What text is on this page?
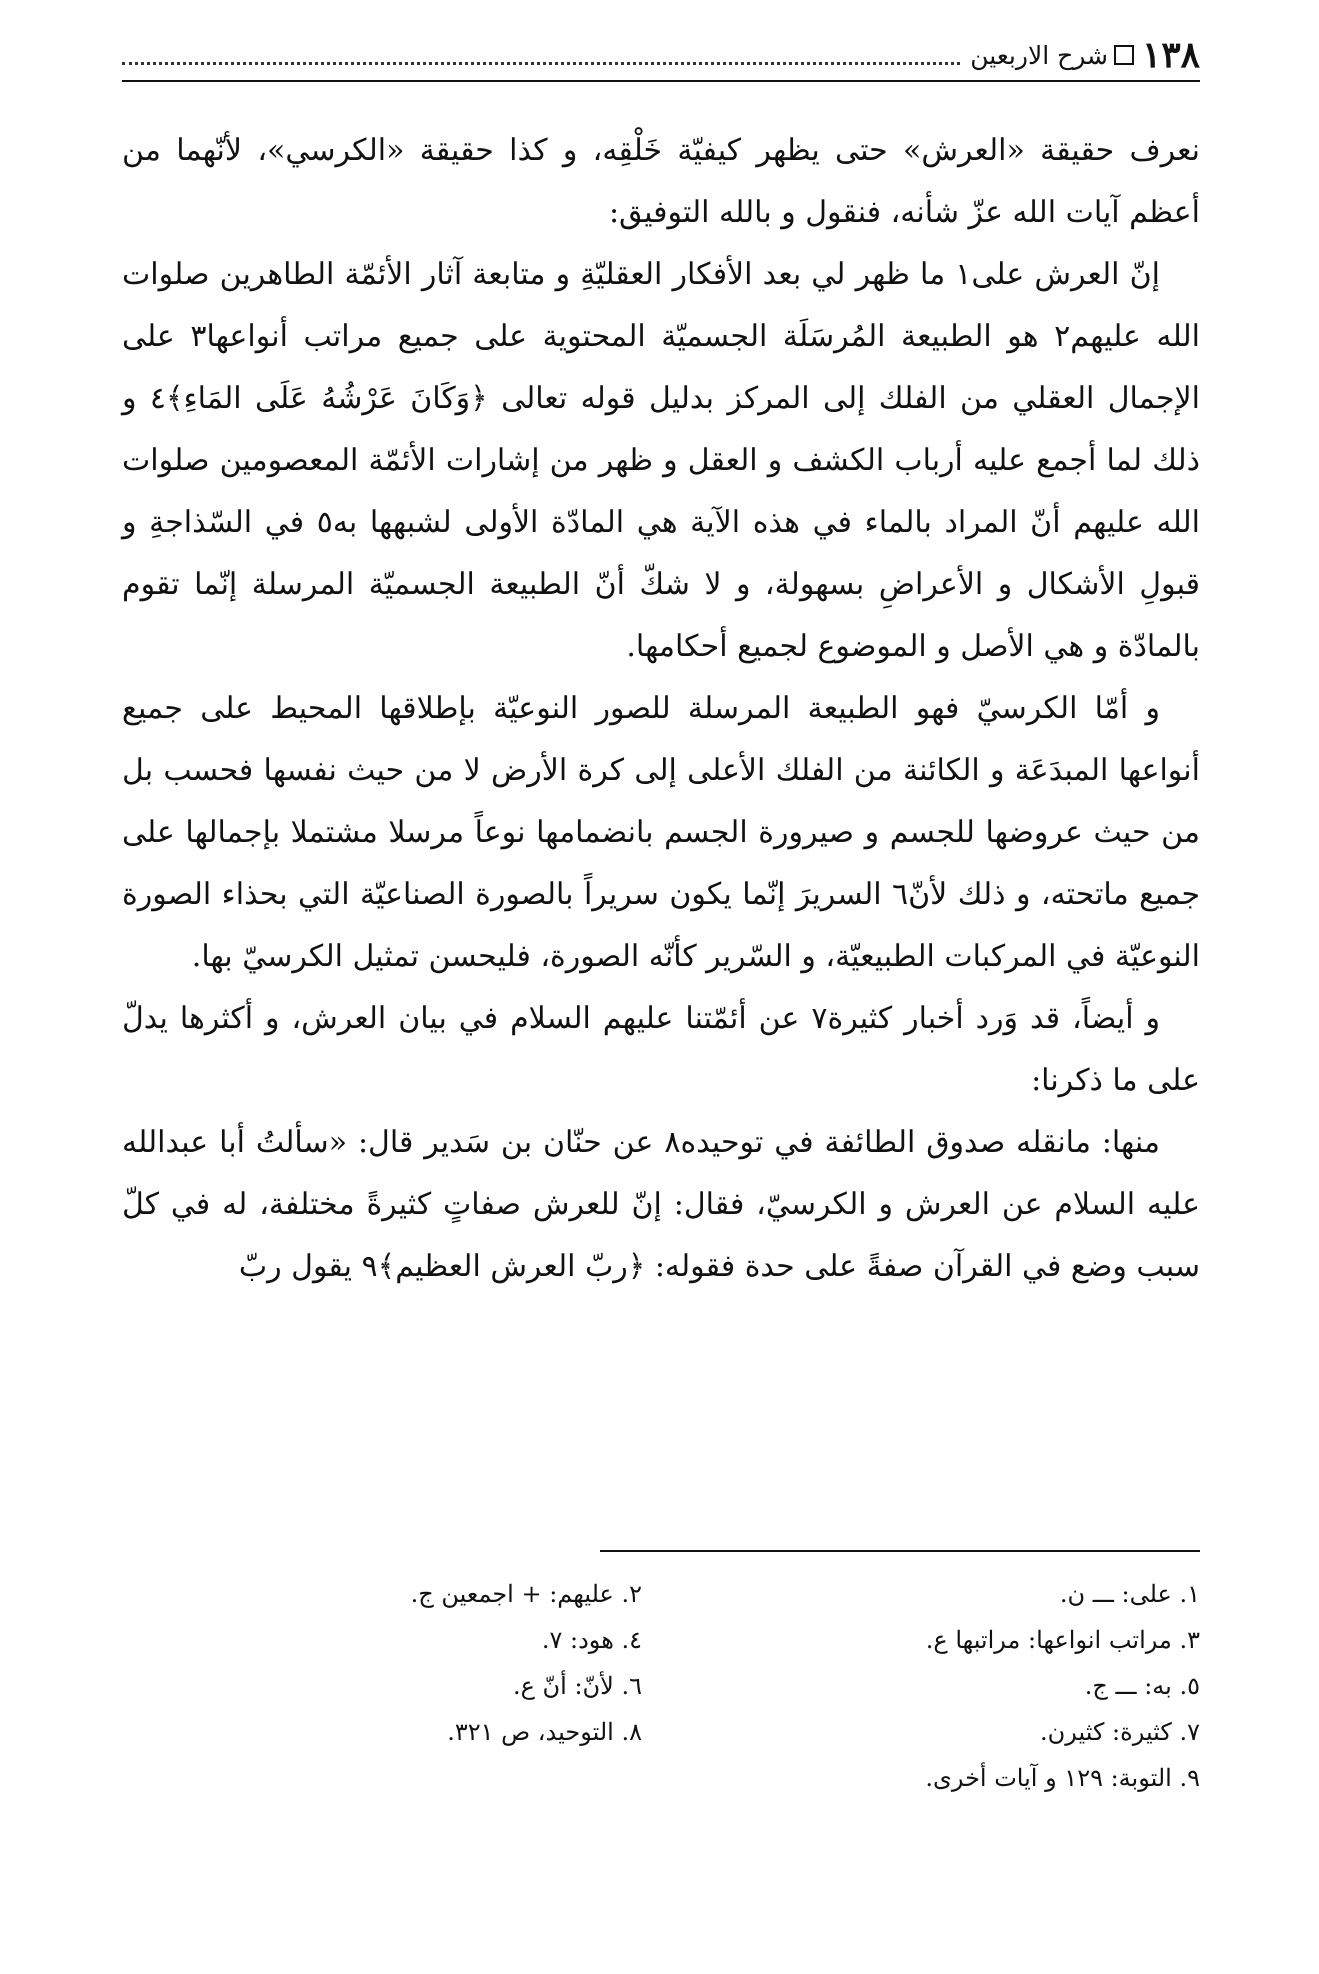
١٣٨
شرح الاربعين

نعرف حقيقة «العرش» حتى يظهر كيفيّة خَلْقِه، و كذا حقيقة «الكرسي»، لأنّهما من أعظم آيات الله عزّ شأنه، فنقول و بالله التوفيق:

إنّ العرش على١ ما ظهر لي بعد الأفكار العقليّةِ و متابعة آثار الأئمّة الطاهرين صلوات الله عليهم٢ هو الطبيعة المُرسَلَة الجسميّة المحتوية على جميع مراتب أنواعها٣ على الإجمال العقلي من الفلك إلى المركز بدليل قوله تعالى ﴿وَكَانَ عَرْشُهُ عَلَى المَاءِ﴾٤ و ذلك لما أجمع عليه أرباب الكشف و العقل و ظهر من إشارات الأئمّة المعصومين صلوات الله عليهم أنّ المراد بالماء في هذه الآية هي المادّة الأولى لشبهها به٥ في السّذاجةِ و قبولِ الأشكال و الأعراضِ بسهولة، و لا شكّ أنّ الطبيعة الجسميّة المرسلة إنّما تقوم بالمادّة و هي الأصل و الموضوع لجميع أحكامها.

و أمّا الكرسيّ فهو الطبيعة المرسلة للصور النوعيّة بإطلاقها المحيط على جميع أنواعها المبدَعَة و الكائنة من الفلك الأعلى إلى كرة الأرض لا من حيث نفسها فحسب بل من حيث عروضها للجسم و صيرورة الجسم بانضمامها نوعاً مرسلا مشتملا بإجمالها على جميع ماتحته، و ذلك لأنّ٦ السريرَ إنّما يكون سريراً بالصورة الصناعيّة التي بحذاء الصورة النوعيّة في المركبات الطبيعيّة، و السّرير كأنّه الصورة، فليحسن تمثيل الكرسيّ بها.

و أيضاً، قد وَرد أخبار كثيرة٧ عن أئمّتنا عليهم السلام في بيان العرش، و أكثرها يدلّ على ما ذكرنا:

منها: مانقله صدوق الطائفة في توحيده٨ عن حنّان بن سَدير قال: «سألتُ أبا عبدالله عليه السلام عن العرش و الكرسيّ، فقال: إنّ للعرش صفاتٍ كثيرةً مختلفة، له في كلّ سبب وضع في القرآن صفةً على حدة فقوله: ﴿ربّ العرش العظيم﴾٩ يقول ربّ

١. على: ـــ ن.
٢. عليهم: + اجمعين ج.
٣. مراتب انواعها: مراتبها ع.
٤. هود: ٧.
٥. به: ـــ ج.
٦. لأنّ: أنّ ع.
٧. كثيرة: كثيرن.
٨. التوحيد، ص ٣٢١.
٩. التوبة: ١٢٩ و آيات أخرى.
